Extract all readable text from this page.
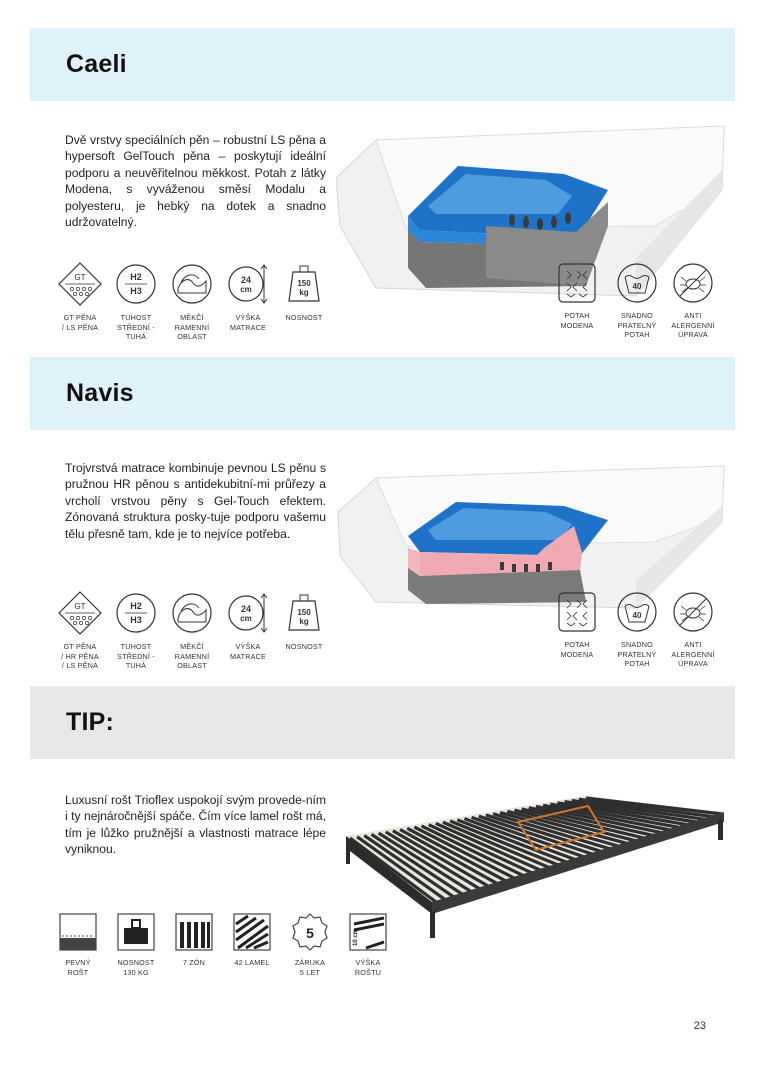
Caeli

Dvě vrstvy speciálních pěn – robustní LS pěna a hypersoft GelTouch pěna – poskytují ideální podporu a neuvěřitelnou měkkost. Potah z látky Modena, s vyváženou směsí Modalu a polyesteru, je hebký na dotek a snadno udržovatelný.

GT
GT PĚNA
/ LS PĚNA
H2
H3
TUHOST
STŘEDNÍ - TUHÁ
MĚKČÍ
RAMENNÍ
OBLAST
24
cm
VÝŠKA
MATRACE
150
kg
NOSNOST	POTAH
MODENA
40
SNADNO
PRATELNÝ
POTAH
ANTI
ALERGENNÍ
ÚPRAVA
Navis

Trojvrstvá matrace kombinuje pevnou LS pěnu s pružnou HR pěnou s antidekubitní-mi průřezy a vrcholí vrstvou pěny s Gel-Touch efektem. Zónovaná struktura posky-tuje podporu vašemu tělu přesně tam, kde je to nejvíce potřeba.

GT
GT PĚNA
/ HR PĚNA
/ LS PĚNA
H2
H3
TUHOST
STŘEDNÍ - TUHÁ
MĚKČÍ
RAMENNÍ
OBLAST
24
cm
VÝŠKA
MATRACE
150
kg
NOSNOST	POTAH
MODENA
40
SNADNO
PRATELNÝ
POTAH
ANTI
ALERGENNÍ
ÚPRAVA
TIP:

Luxusní rošt Trioflex uspokojí svým provede-ním i ty nejnáročnější spáče. Čím více lamel rošt má, tím je lůžko pružnější a vlastnosti matrace lépe vyniknou.

PEVNÝ
ROŠT
NOSNOST
130 KG
7 ZÓN	42 LAMEL
5
ZÁRUKA
5 LET
10 cm
VÝŠKA
ROŠTU
23
